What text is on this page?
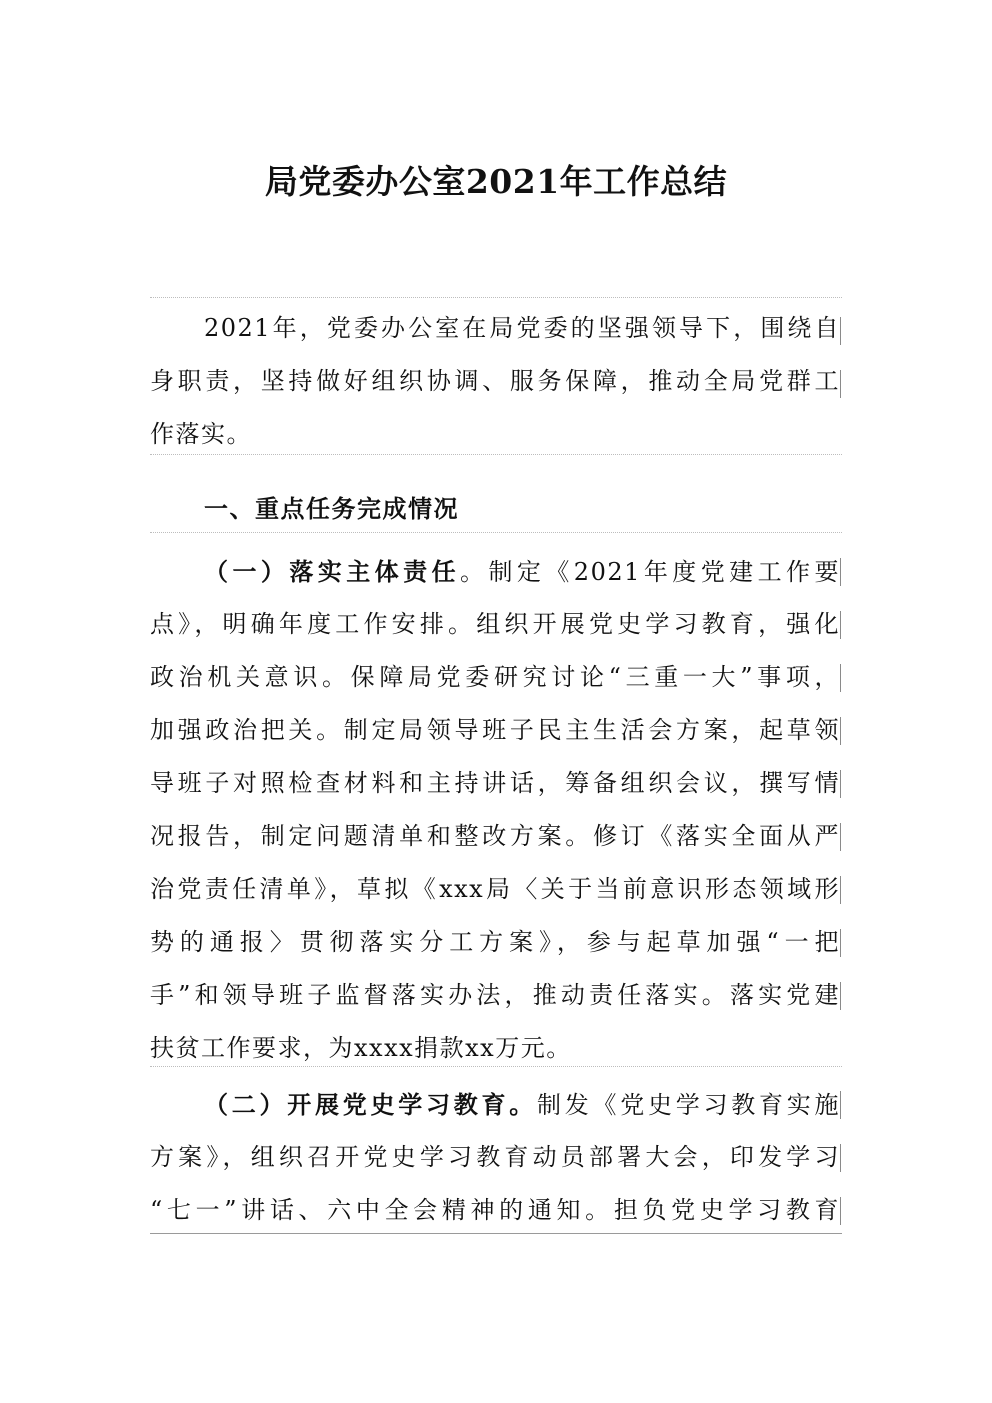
局党委办公室2021年工作总结
2021年，党委办公室在局党委的坚强领导下，围绕自
身职责，坚持做好组织协调、服务保障，推动全局党群工
作落实。
一、重点任务完成情况
（一）落实主体责任。制定《2021年度党建工作要
点》，明确年度工作安排。组织开展党史学习教育，强化
政治机关意识。保障局党委研究讨论“三重一大”事项，
加强政治把关。制定局领导班子民主生活会方案，起草领
导班子对照检查材料和主持讲话，筹备组织会议，撰写情
况报告，制定问题清单和整改方案。修订《落实全面从严
治党责任清单》，草拟《xxx局〈关于当前意识形态领域形
势的通报〉贯彻落实分工方案》，参与起草加强“一把
手”和领导班子监督落实办法，推动责任落实。落实党建
扶贫工作要求，为xxxx捐款xx万元。
（二）开展党史学习教育。制发《党史学习教育实施
方案》，组织召开党史学习教育动员部署大会，印发学习
“七一”讲话、六中全会精神的通知。担负党史学习教育
